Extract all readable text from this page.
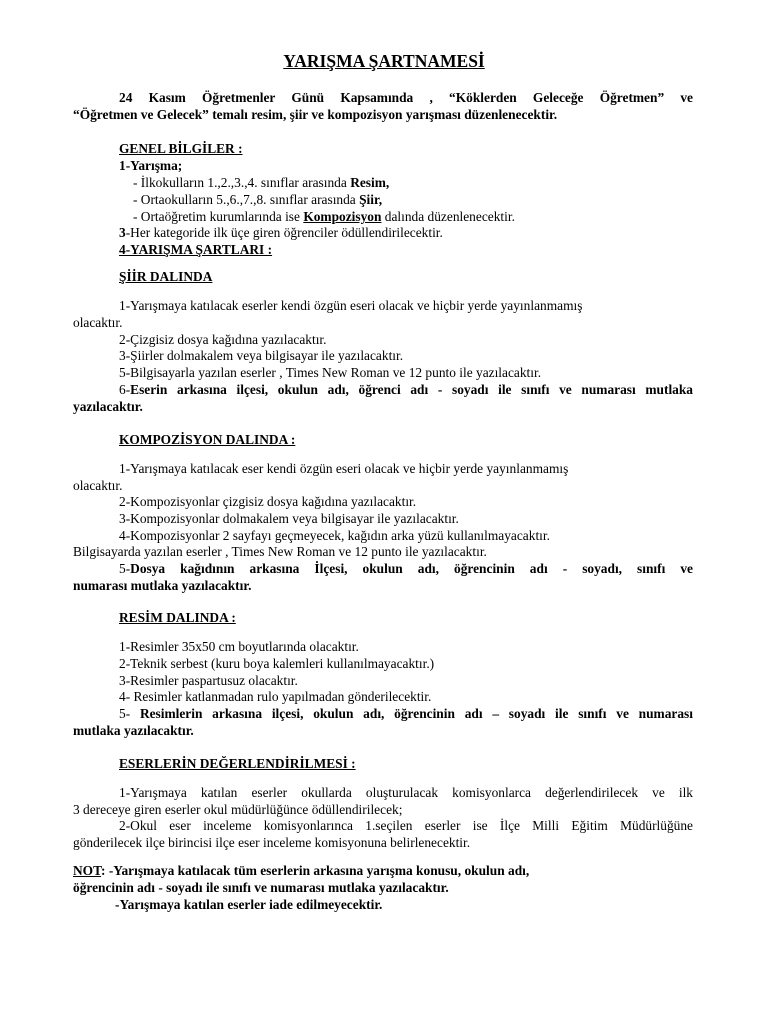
YARIŞMA ŞARTNAMESİ

24 Kasım Öğretmenler Günü Kapsamında , “Köklerden Geleceğe Öğretmen” ve

“Öğretmen ve Gelecek” temalı resim, şiir ve kompozisyon yarışması düzenlenecektir.

GENEL BİLGİLER :

1-Yarışma;

- İlkokulların 1.,2.,3.,4. sınıflar arasında Resim,

- Ortaokulların 5.,6.,7.,8. sınıflar arasında Şiir,

- Ortaöğretim kurumlarında ise Kompozisyon dalında düzenlenecektir.

3-Her kategoride ilk üçe giren öğrenciler ödüllendirilecektir.

4-YARIŞMA ŞARTLARI :

ŞİİR DALINDA

1-Yarışmaya katılacak eserler kendi özgün eseri olacak ve hiçbir yerde yayınlanmamış

olacaktır.

2-Çizgisiz dosya kağıdına yazılacaktır.

3-Şiirler dolmakalem veya bilgisayar ile yazılacaktır.

5-Bilgisayarla yazılan eserler , Times New Roman ve 12 punto ile yazılacaktır.

6-Eserin arkasına ilçesi, okulun adı, öğrenci adı - soyadı ile sınıfı ve numarası mutlaka

yazılacaktır.

KOMPOZİSYON DALINDA :

1-Yarışmaya katılacak eser kendi özgün eseri olacak ve hiçbir yerde yayınlanmamış

olacaktır.

2-Kompozisyonlar çizgisiz dosya kağıdına yazılacaktır.

3-Kompozisyonlar dolmakalem veya bilgisayar ile yazılacaktır.

4-Kompozisyonlar 2 sayfayı geçmeyecek, kağıdın arka yüzü kullanılmayacaktır.

Bilgisayarda yazılan eserler , Times New Roman ve 12 punto ile yazılacaktır.

5-Dosya kağıdının arkasına İlçesi, okulun adı, öğrencinin adı - soyadı, sınıfı ve

numarası mutlaka yazılacaktır.

RESİM DALINDA :

1-Resimler 35x50 cm boyutlarında olacaktır.

2-Teknik serbest (kuru boya kalemleri kullanılmayacaktır.)

3-Resimler paspartusuz olacaktır.

4- Resimler katlanmadan rulo yapılmadan gönderilecektir.

5- Resimlerin arkasına ilçesi, okulun adı, öğrencinin adı – soyadı ile sınıfı ve numarası

mutlaka yazılacaktır.

ESERLERİN DEĞERLENDİRİLMESİ :

1-Yarışmaya katılan eserler okullarda oluşturulacak komisyonlarca değerlendirilecek ve ilk

3 dereceye giren eserler okul müdürlüğünce ödüllendirilecek;

2-Okul eser inceleme komisyonlarınca 1.seçilen eserler ise İlçe Milli Eğitim Müdürlüğüne

gönderilecek ilçe birincisi ilçe eser inceleme komisyonuna belirlenecektir.

NOT: -Yarışmaya katılacak tüm eserlerin arkasına yarışma konusu, okulun adı,

öğrencinin adı - soyadı ile sınıfı ve numarası mutlaka yazılacaktır.

-Yarışmaya katılan eserler iade edilmeyecektir.
